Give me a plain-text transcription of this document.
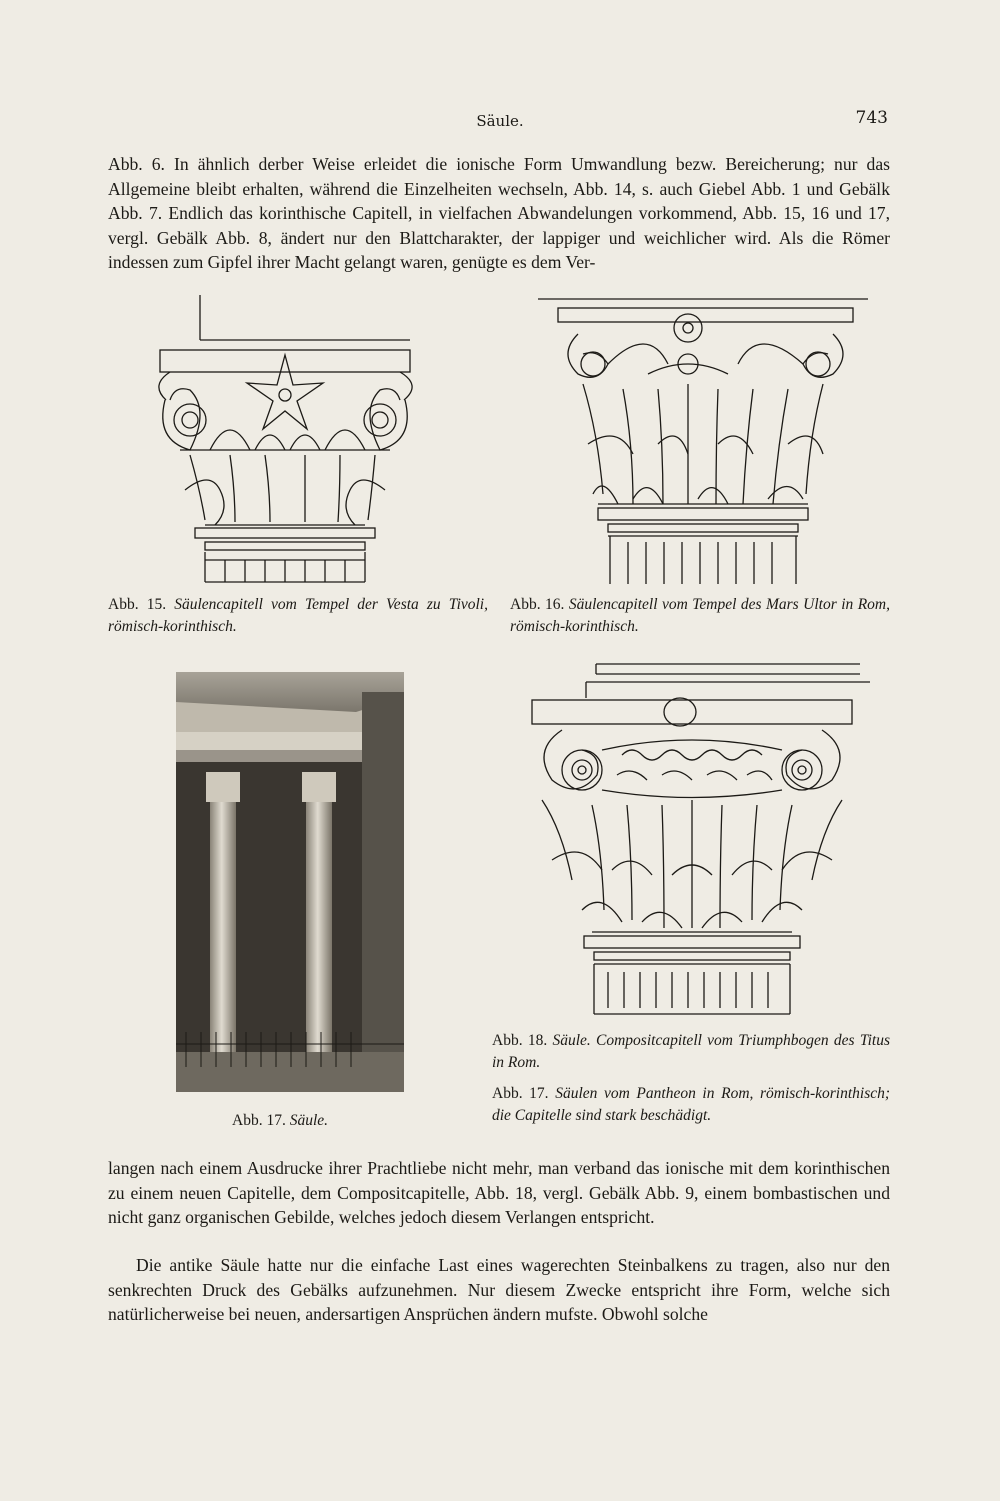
Säule.	743

Abb. 6. In ähnlich derber Weise erleidet die ionische Form Umwandlung bezw. Bereicherung; nur das Allgemeine bleibt erhalten, während die Einzelheiten wechseln, Abb. 14, s. auch Giebel Abb. 1 und Gebälk Abb. 7. Endlich das korinthische Capitell, in vielfachen Abwandelungen vorkommend, Abb. 15, 16 und 17, vergl. Gebälk Abb. 8, ändert nur den Blattcharakter, der lappiger und weichlicher wird. Als die Römer indessen zum Gipfel ihrer Macht gelangt waren, genügte es dem Ver-

Abb. 15. Säulencapitell vom Tempel der Vesta zu Tivoli, römisch-korinthisch.
Abb. 16. Säulencapitell vom Tempel des Mars Ultor in Rom, römisch-korinthisch.
Abb. 17. Säule.
Abb. 18. Säule. Compositcapitell vom Triumphbogen des Titus in Rom.
Abb. 17. Säulen vom Pantheon in Rom, römisch-korinthisch; die Capitelle sind stark beschädigt.

langen nach einem Ausdrucke ihrer Prachtliebe nicht mehr, man verband das ionische mit dem korinthischen zu einem neuen Capitelle, dem Compositcapitelle, Abb. 18, vergl. Gebälk Abb. 9, einem bombastischen und nicht ganz organischen Gebilde, welches jedoch diesem Verlangen entspricht.

Die antike Säule hatte nur die einfache Last eines wagerechten Steinbalkens zu tragen, also nur den senkrechten Druck des Gebälks aufzunehmen. Nur diesem Zwecke entspricht ihre Form, welche sich natürlicherweise bei neuen, andersartigen Ansprüchen ändern mufste. Obwohl solche
